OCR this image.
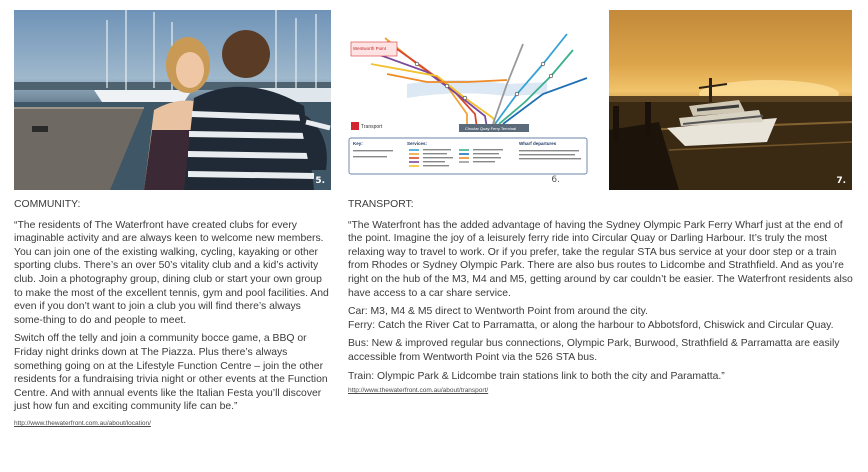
5.
Wentworth Point
Circular Quay Ferry Terminal
Transport
Key:	Services:	Wharf departures
6.	7.
COMMUNITY:

“The residents of The Waterfront have created clubs for every imaginable activity and are always keen to welcome new members. You can join one of the existing walking, cycling, kayaking or other sporting clubs. There’s an over 50’s vitality club and a kid’s activity club. Join a photography group, dining club or start your own group to make the most of the excellent tennis, gym and pool facilities. And even if you don’t want to join a club you will find there’s always some-thing to do and people to meet.

Switch off the telly and join a community bocce game, a BBQ or Friday night drinks down at The Piazza. Plus there’s always something going on at the Lifestyle Function Centre – join the other residents for a fundraising trivia night or other events at the Function Centre. And with annual events like the Italian Festa you’ll discover just how fun and exciting community life can be.”

http://www.thewaterfront.com.au/about/location/
TRANSPORT:

“The Waterfront has the added advantage of having the Sydney Olympic Park Ferry Wharf just at the end of the point. Imagine the joy of a leisurely ferry ride into Circular Quay or Darling Harbour. It’s truly the most relaxing way to travel to work. Or if you prefer, take the regular STA bus service at your door step or a train from Rhodes or Sydney Olympic Park. There are also bus routes to Lidcombe and Strathfield. And as you’re right on the hub of the M3, M4 and M5, getting around by car couldn’t be easier. The Waterfront residents also have access to a car share service.

Car: M3, M4 & M5 direct to Wentworth Point from around the city.
Ferry: Catch the River Cat to Parramatta, or along the harbour to Abbotsford, Chiswick and Circular Quay.

Bus: New & improved regular bus connections, Olympic Park, Burwood, Strathfield & Parramatta are easily accessible from Wentworth Point via the 526 STA bus.

Train: Olympic Park & Lidcombe train stations link to both the city and Paramatta.”

http://www.thewaterfront.com.au/about/transport/
